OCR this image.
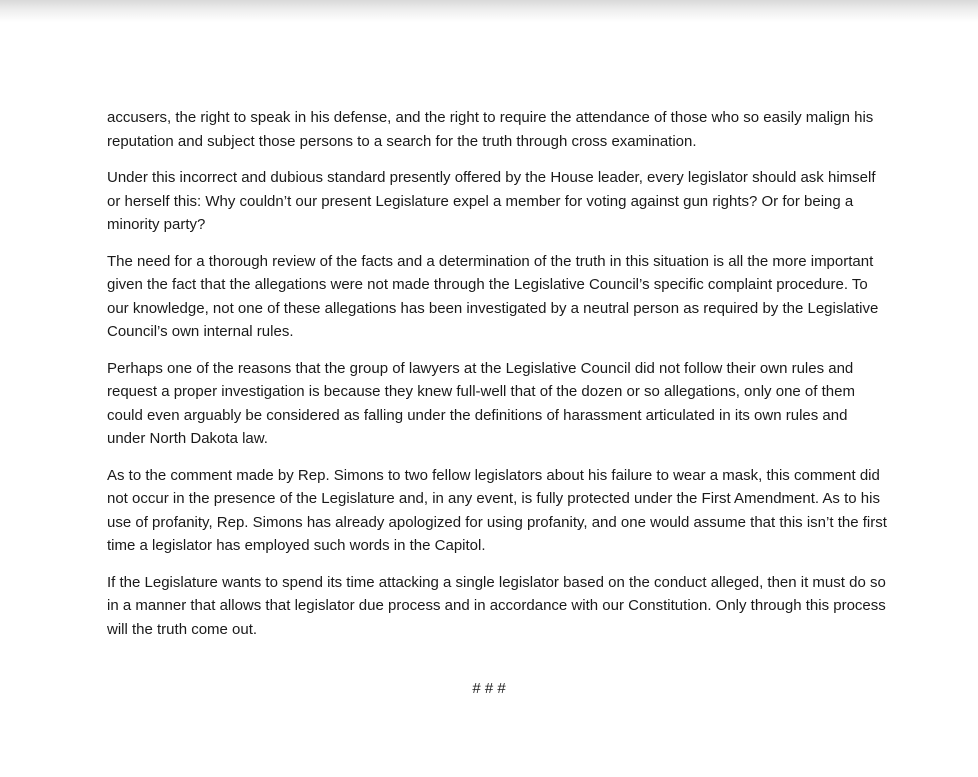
accusers, the right to speak in his defense, and the right to require the attendance of those who so easily malign his reputation and subject those persons to a search for the truth through cross examination.

Under this incorrect and dubious standard presently offered by the House leader, every legislator should ask himself or herself this: Why couldn’t our present Legislature expel a member for voting against gun rights? Or for being a minority party?

The need for a thorough review of the facts and a determination of the truth in this situation is all the more important given the fact that the allegations were not made through the Legislative Council’s specific complaint procedure. To our knowledge, not one of these allegations has been investigated by a neutral person as required by the Legislative Council’s own internal rules.

Perhaps one of the reasons that the group of lawyers at the Legislative Council did not follow their own rules and request a proper investigation is because they knew full-well that of the dozen or so allegations, only one of them could even arguably be considered as falling under the definitions of harassment articulated in its own rules and under North Dakota law.

As to the comment made by Rep. Simons to two fellow legislators about his failure to wear a mask, this comment did not occur in the presence of the Legislature and, in any event, is fully protected under the First Amendment. As to his use of profanity, Rep. Simons has already apologized for using profanity, and one would assume that this isn’t the first time a legislator has employed such words in the Capitol.

If the Legislature wants to spend its time attacking a single legislator based on the conduct alleged, then it must do so in a manner that allows that legislator due process and in accordance with our Constitution. Only through this process will the truth come out.

# # #
